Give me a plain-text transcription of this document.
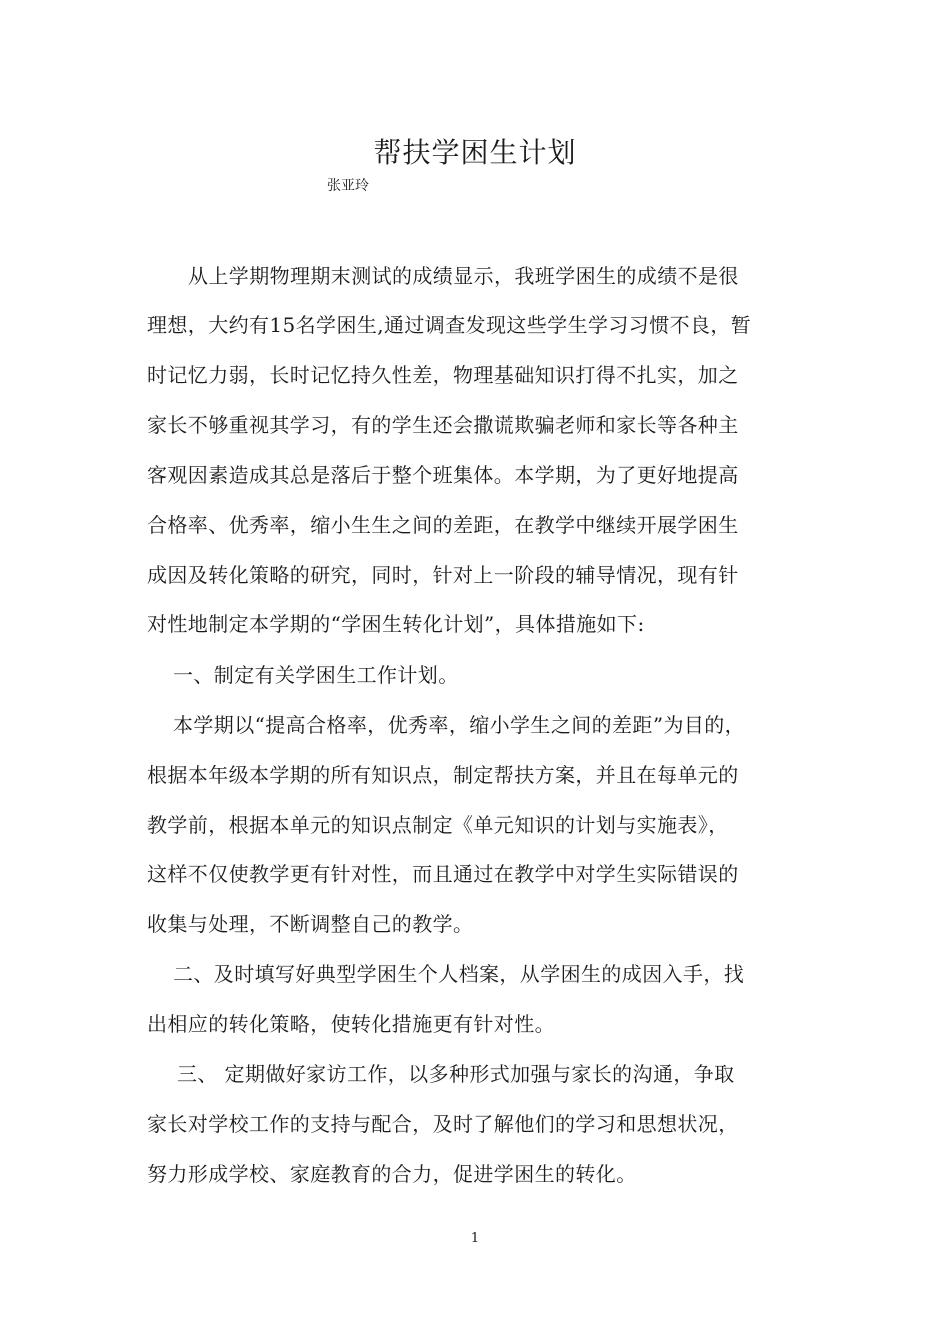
帮扶学困生计划
张亚玲
从上学期物理期末测试的成绩显示，我班学困生的成绩不是很
理想，大约有15名学困生,通过调查发现这些学生学习习惯不良，暂
时记忆力弱，长时记忆持久性差，物理基础知识打得不扎实，加之
家长不够重视其学习，有的学生还会撒谎欺骗老师和家长等各种主
客观因素造成其总是落后于整个班集体。本学期，为了更好地提高
合格率、优秀率，缩小生生之间的差距，在教学中继续开展学困生
成因及转化策略的研究，同时，针对上一阶段的辅导情况，现有针
对性地制定本学期的“学困生转化计划”，具体措施如下:
一、制定有关学困生工作计划。
本学期以“提高合格率，优秀率，缩小学生之间的差距”为目的，
根据本年级本学期的所有知识点，制定帮扶方案，并且在每单元的
教学前，根据本单元的知识点制定《单元知识的计划与实施表》，
这样不仅使教学更有针对性，而且通过在教学中对学生实际错误的
收集与处理，不断调整自己的教学。
二、及时填写好典型学困生个人档案，从学困生的成因入手，找
出相应的转化策略，使转化措施更有针对性。
三、 定期做好家访工作，以多种形式加强与家长的沟通，争取
家长对学校工作的支持与配合，及时了解他们的学习和思想状况，
努力形成学校、家庭教育的合力，促进学困生的转化。
1
